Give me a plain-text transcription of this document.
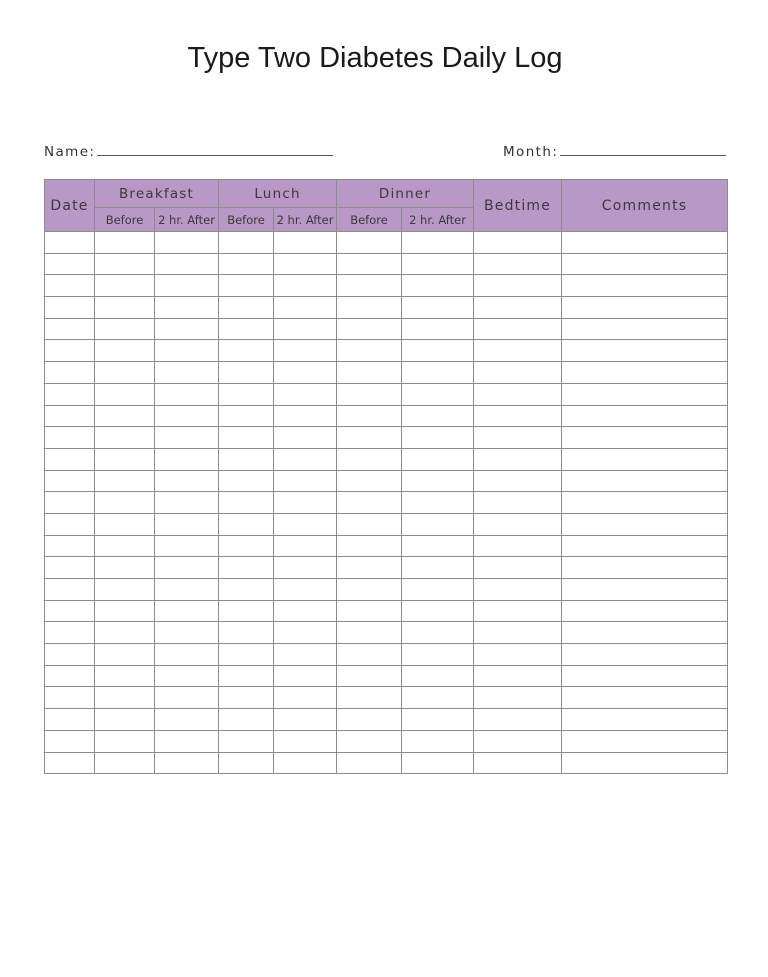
Type Two Diabetes Daily Log
Name:	Month:
Date	Breakfast		Lunch		Dinner		Bedtime	Comments
	Before	2 hr. After	Before	2 hr. After	Before	2 hr. After		
